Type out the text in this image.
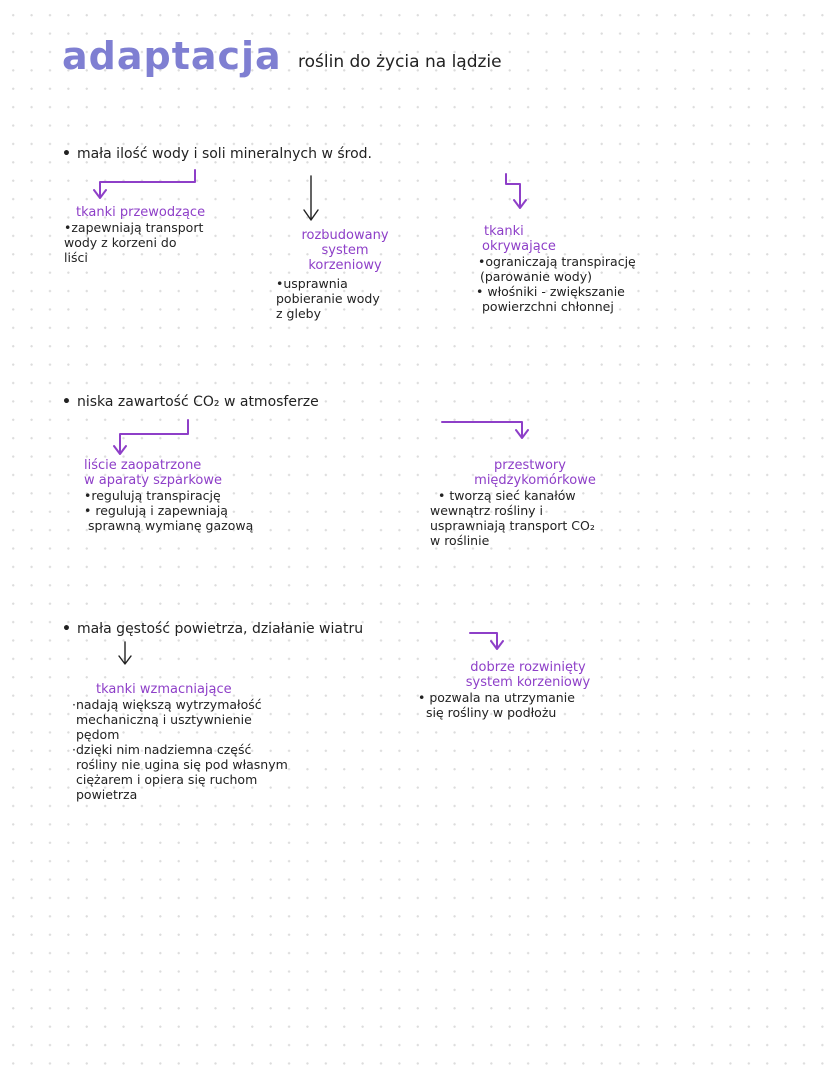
adaptacja roślin do życia na lądzie
• mała ilość wody i soli mineralnych w środ.
tkanki przewodzące
•zapewniają transport
wody z korzeni do
liści
rozbudowany
system
korzeniowy
•usprawnia
pobieranie wody
z gleby
tkanki
okrywające
•ograniczają transpirację
(parowanie wody)
• włośniki - zwiększanie
powierzchni chłonnej
• niska zawartość CO₂ w atmosferze
liście zaopatrzone
w aparaty szparkowe
•regulują transpirację
• regulują i zapewniają
sprawną wymianę gazową
przestwory
międzykomórkowe
• tworzą sieć kanałów
wewnątrz rośliny i
usprawniają transport CO₂
w roślinie
• mała gęstość powietrza, działanie wiatru
tkanki wzmacniające
·nadają większą wytrzymałość
mechaniczną i usztywnienie
pędom
·dzięki nim nadziemna część
rośliny nie ugina się pod własnym
ciężarem i opiera się ruchom
powietrza
dobrze rozwinięty
system korzeniowy
• pozwala na utrzymanie
się rośliny w podłożu
